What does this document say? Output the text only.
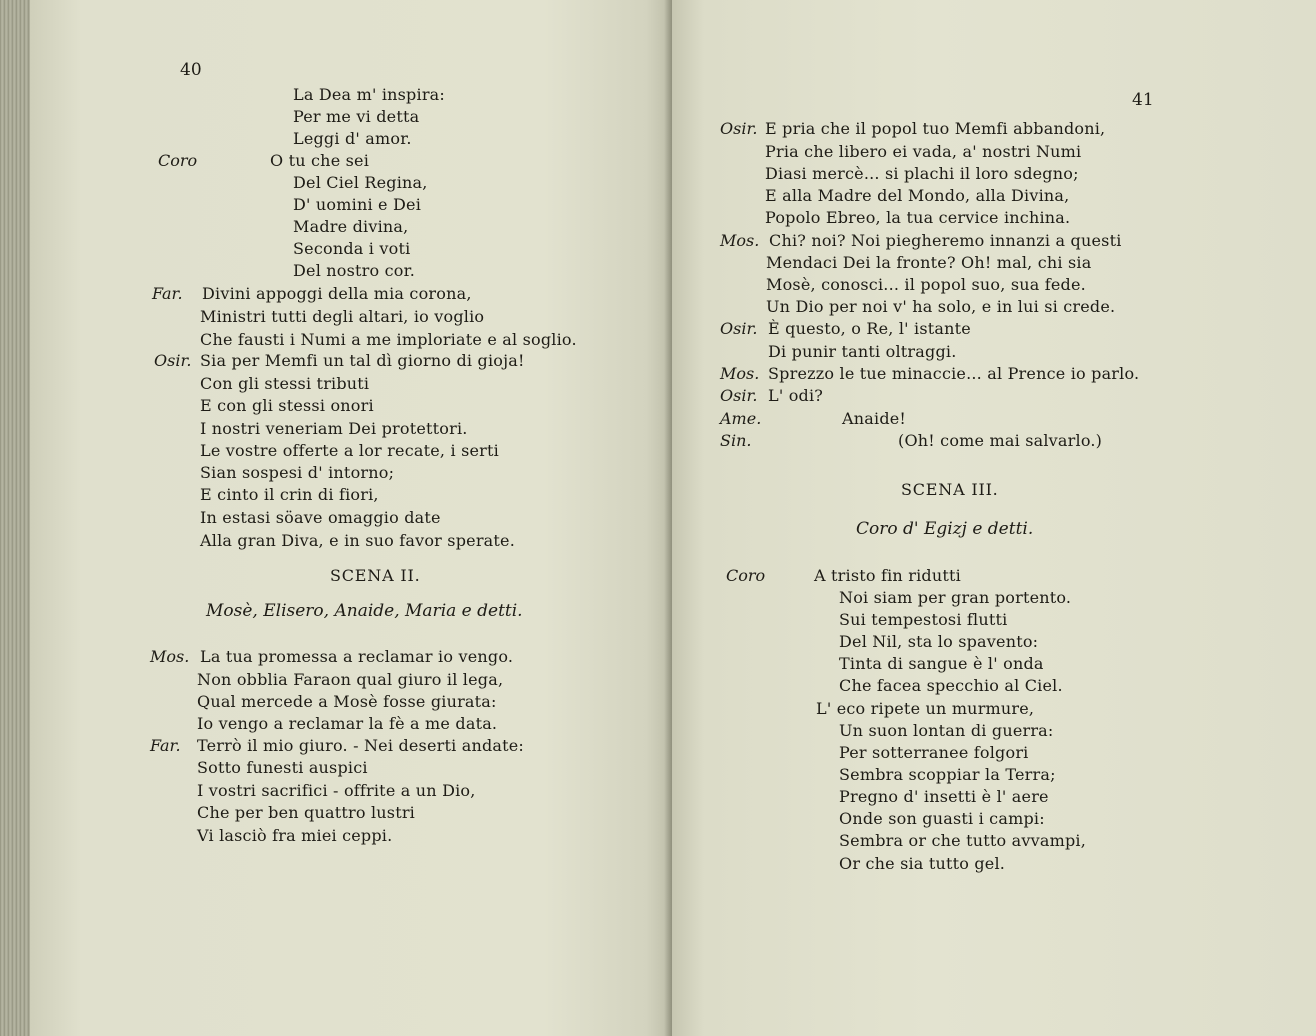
40
La Dea m' inspira:
Per me vi detta
Leggi d' amor.
Coro	O tu che sei
Del Ciel Regina,
D' uomini e Dei
Madre divina,
Seconda i voti
Del nostro cor.
Far. Divini appoggi della mia corona,
Ministri tutti degli altari, io voglio
Che fausti i Numi a me imploriate e al soglio.
Osir. Sia per Memfi un tal dì giorno di gioja!
Con gli stessi tributi
E con gli stessi onori
I nostri veneriam Dei protettori.
Le vostre offerte a lor recate, i serti
Sian sospesi d' intorno;
E cinto il crin di fiori,
In estasi söave omaggio date
Alla gran Diva, e in suo favor sperate.
SCENA II.
Mosè, Elisero, Anaide, Maria e detti.
Mos. La tua promessa a reclamar io vengo.
Non obblia Faraon qual giuro il lega,
Qual mercede a Mosè fosse giurata:
Io vengo a reclamar la fè a me data.
Far. Terrò il mio giuro. - Nei deserti andate:
Sotto funesti auspici
I vostri sacrifici - offrite a un Dio,
Che per ben quattro lustri
Vi lasciò fra miei ceppi.
41
Osir. E pria che il popol tuo Memfi abbandoni,
Pria che libero ei vada, a' nostri Numi
Diasi mercè... si plachi il loro sdegno;
E alla Madre del Mondo, alla Divina,
Popolo Ebreo, la tua cervice inchina.
Mos. Chi? noi? Noi piegheremo innanzi a questi
Mendaci Dei la fronte? Oh! mal, chi sia
Mosè, conosci... il popol suo, sua fede.
Un Dio per noi v' ha solo, e in lui si crede.
Osir. È questo, o Re, l' istante
Di punir tanti oltraggi.
Mos. Sprezzo le tue minaccie... al Prence io parlo.
Osir. L' odi?
Ame.	Anaide!
Sin.	(Oh! come mai salvarlo.)
SCENA III.
Coro d' Egizj e detti.
Coro	A tristo fin ridutti
Noi siam per gran portento.
Sui tempestosi flutti
Del Nil, sta lo spavento:
Tinta di sangue è l' onda
Che facea specchio al Ciel.
L' eco ripete un murmure,
Un suon lontan di guerra:
Per sotterranee folgori
Sembra scoppiar la Terra;
Pregno d' insetti è l' aere
Onde son guasti i campi:
Sembra or che tutto avvampi,
Or che sia tutto gel.
